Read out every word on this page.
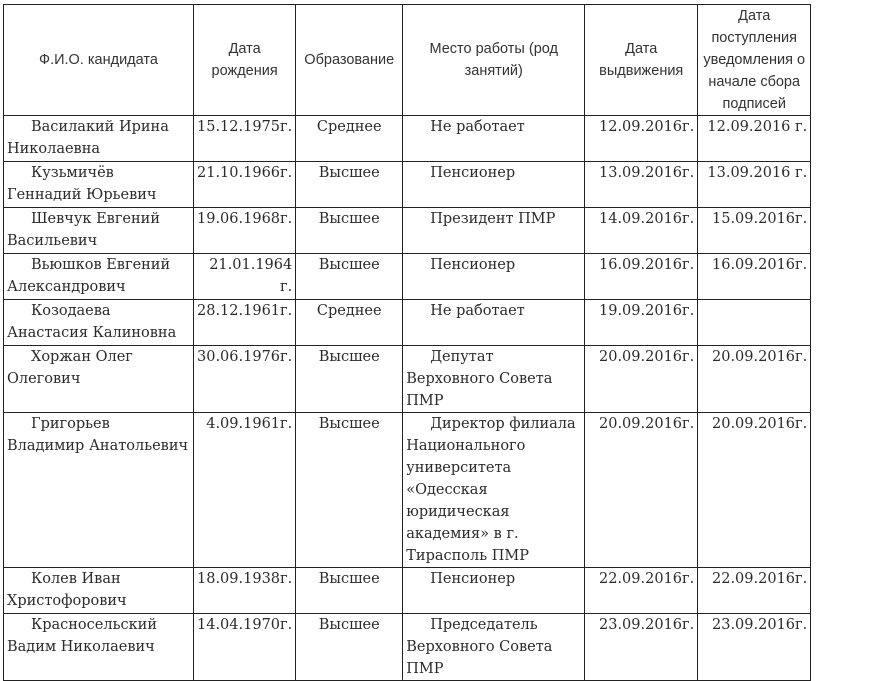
Ф.И.О. кандидата	Дата рождения	Образование	Место работы (род занятий)	Дата выдвижения	Дата поступления уведомления о начале сбора подписей
Василакий Ирина Николаевна	15.12.1975г.	Среднее	Не работает	12.09.2016г.	12.09.2016 г.
Кузьмичёв Геннадий Юрьевич	21.10.1966г.	Высшее	Пенсионер	13.09.2016г.	13.09.2016 г.
Шевчук Евгений Васильевич	19.06.1968г.	Высшее	Президент ПМР	14.09.2016г.	15.09.2016г.
Вьюшков Евгений Александрович	21.01.1964 г.	Высшее	Пенсионер	16.09.2016г.	16.09.2016г.
Козодаева Анастасия Калиновна	28.12.1961г.	Среднее	Не работает	19.09.2016г.	
Хоржан Олег Олегович	30.06.1976г.	Высшее	Депутат Верховного Совета ПМР	20.09.2016г.	20.09.2016г.
Григорьев Владимир Анатольевич	4.09.1961г.	Высшее	Директор филиала Национального университета «Одесская юридическая академия» в г. Тирасполь ПМР	20.09.2016г.	20.09.2016г.
Колев Иван Христофорович	18.09.1938г.	Высшее	Пенсионер	22.09.2016г.	22.09.2016г.
Красносельский Вадим Николаевич	14.04.1970г.	Высшее	Председатель Верховного Совета ПМР	23.09.2016г.	23.09.2016г.
